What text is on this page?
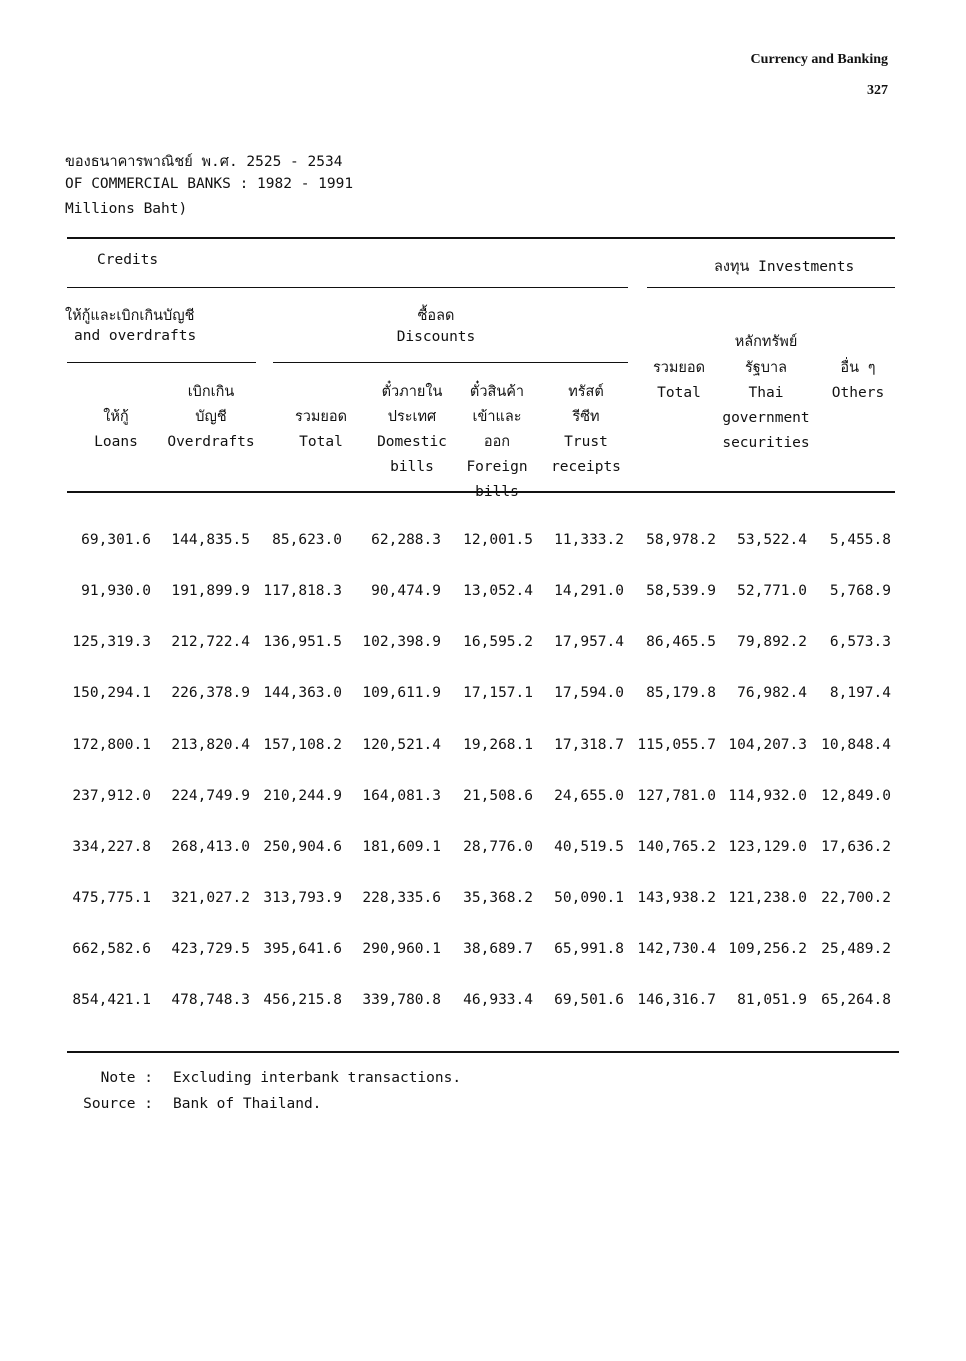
Currency and Banking
327
ของธนาคารพาณิชย์ พ.ศ. 2525 - 2534
OF COMMERCIAL BANKS : 1982 - 1991
Millions Baht)
Credits	ลงทุน Investments
ให้กู้และเบิกเกินบัญชี
and overdrafts
ซื้อลด
Discounts	หลักทรัพย์
ให้กู้
Loans
เบิกเกิน บัญชี
Overdrafts
รวมยอด
Total
ตั๋วภายใน ประเทศ
Domestic
bills
ตั๋วสินค้า เข้าและออก
Foreign
bills
ทรัสต์ รีซีท
Trust
receipts
รวมยอด
Total
รัฐบาล
Thai
government
securities
อื่น ๆ
Others
69,301.6 144,835.5 85,623.0 62,288.3 12,001.5 11,333.2 58,978.2 53,522.4 5,455.8
91,930.0 191,899.9 117,818.3 90,474.9 13,052.4 14,291.0 58,539.9 52,771.0 5,768.9
125,319.3 212,722.4 136,951.5 102,398.9 16,595.2 17,957.4 86,465.5 79,892.2 6,573.3
150,294.1 226,378.9 144,363.0 109,611.9 17,157.1 17,594.0 85,179.8 76,982.4 8,197.4
172,800.1 213,820.4 157,108.2 120,521.4 19,268.1 17,318.7 115,055.7 104,207.3 10,848.4
237,912.0 224,749.9 210,244.9 164,081.3 21,508.6 24,655.0 127,781.0 114,932.0 12,849.0
334,227.8 268,413.0 250,904.6 181,609.1 28,776.0 40,519.5 140,765.2 123,129.0 17,636.2
475,775.1 321,027.2 313,793.9 228,335.6 35,368.2 50,090.1 143,938.2 121,238.0 22,700.2
662,582.6 423,729.5 395,641.6 290,960.1 38,689.7 65,991.8 142,730.4 109,256.2 25,489.2
854,421.1 478,748.3 456,215.8 339,780.8 46,933.4 69,501.6 146,316.7 81,051.9 65,264.8
Note : Excluding interbank transactions.
Source : Bank of Thailand.
